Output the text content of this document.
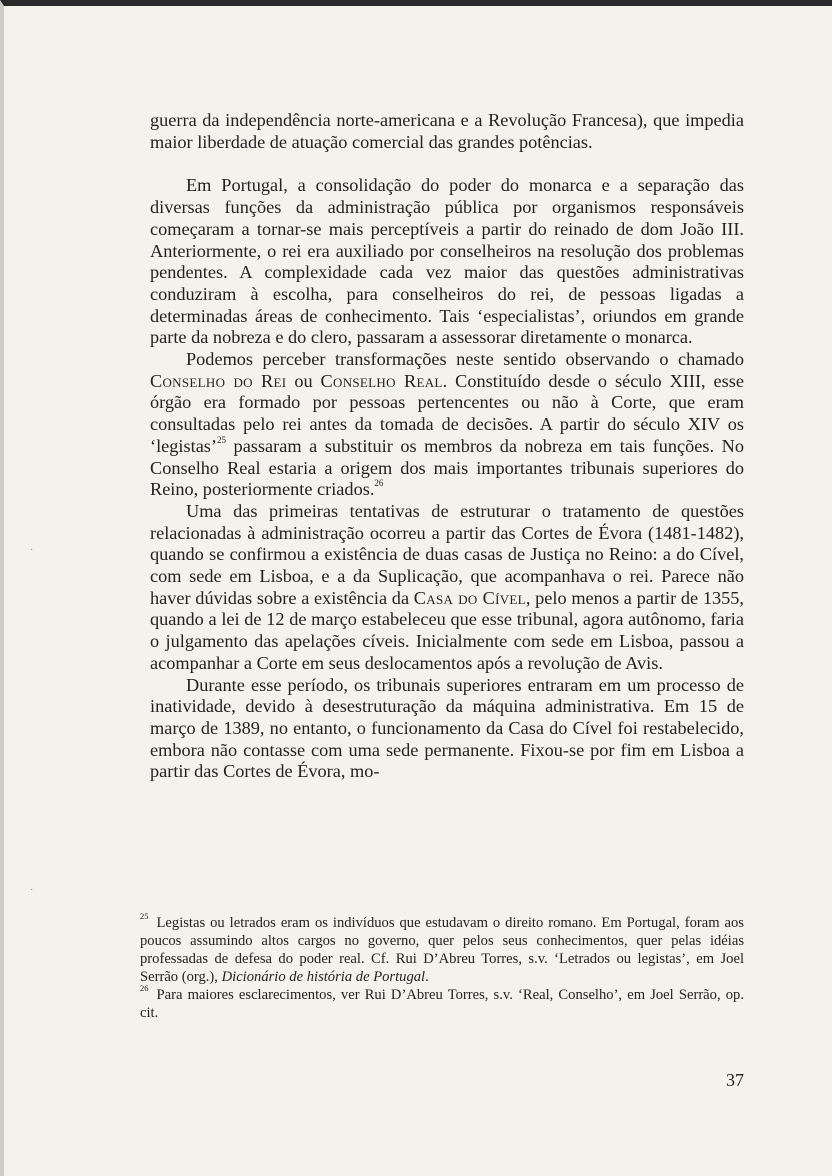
guerra da independência norte-americana e a Revolução Francesa), que impedia maior liberdade de atuação comercial das grandes potências.

Em Portugal, a consolidação do poder do monarca e a separação das diversas funções da administração pública por organismos responsáveis começaram a tornar-se mais perceptíveis a partir do reinado de dom João III. Anteriormente, o rei era auxiliado por conselheiros na resolução dos problemas pendentes. A complexidade cada vez maior das questões administrativas conduziram à escolha, para conselheiros do rei, de pessoas ligadas a determinadas áreas de conhecimento. Tais ‘especialistas’, oriundos em grande parte da nobreza e do clero, passaram a assessorar diretamente o monarca.

Podemos perceber transformações neste sentido observando o chamado Conselho do Rei ou Conselho Real. Constituído desde o século XIII, esse órgão era formado por pessoas pertencentes ou não à Corte, que eram consultadas pelo rei antes da tomada de decisões. A partir do século XIV os ‘legistas’$^{25}$ passaram a substituir os membros da nobreza em tais funções. No Conselho Real estaria a origem dos mais importantes tribunais superiores do Reino, posteriormente criados.$^{26}$

Uma das primeiras tentativas de estruturar o tratamento de questões relacionadas à administração ocorreu a partir das Cortes de Évora (1481-1482), quando se confirmou a existência de duas casas de Justiça no Reino: a do Cível, com sede em Lisboa, e a da Suplicação, que acompanhava o rei. Parece não haver dúvidas sobre a existência da Casa do Cível, pelo menos a partir de 1355, quando a lei de 12 de março estabeleceu que esse tribunal, agora autônomo, faria o julgamento das apelações cíveis. Inicialmente com sede em Lisboa, passou a acompanhar a Corte em seus deslocamentos após a revolução de Avis.

Durante esse período, os tribunais superiores entraram em um processo de inatividade, devido à desestruturação da máquina administrativa. Em 15 de março de 1389, no entanto, o funcionamento da Casa do Cível foi restabelecido, embora não contasse com uma sede permanente. Fixou-se por fim em Lisboa a partir das Cortes de Évora, mo-

$^{25}$ Legistas ou letrados eram os indivíduos que estudavam o direito romano. Em Portugal, foram aos poucos assumindo altos cargos no governo, quer pelos seus conhecimentos, quer pelas idéias professadas de defesa do poder real. Cf. Rui D’Abreu Torres, s.v. ‘Letrados ou legistas’, em Joel Serrão (org.), Dicionário de história de Portugal.

$^{26}$ Para maiores esclarecimentos, ver Rui D’Abreu Torres, s.v. ‘Real, Conselho’, em Joel Serrão, op. cit.

37
·
·
